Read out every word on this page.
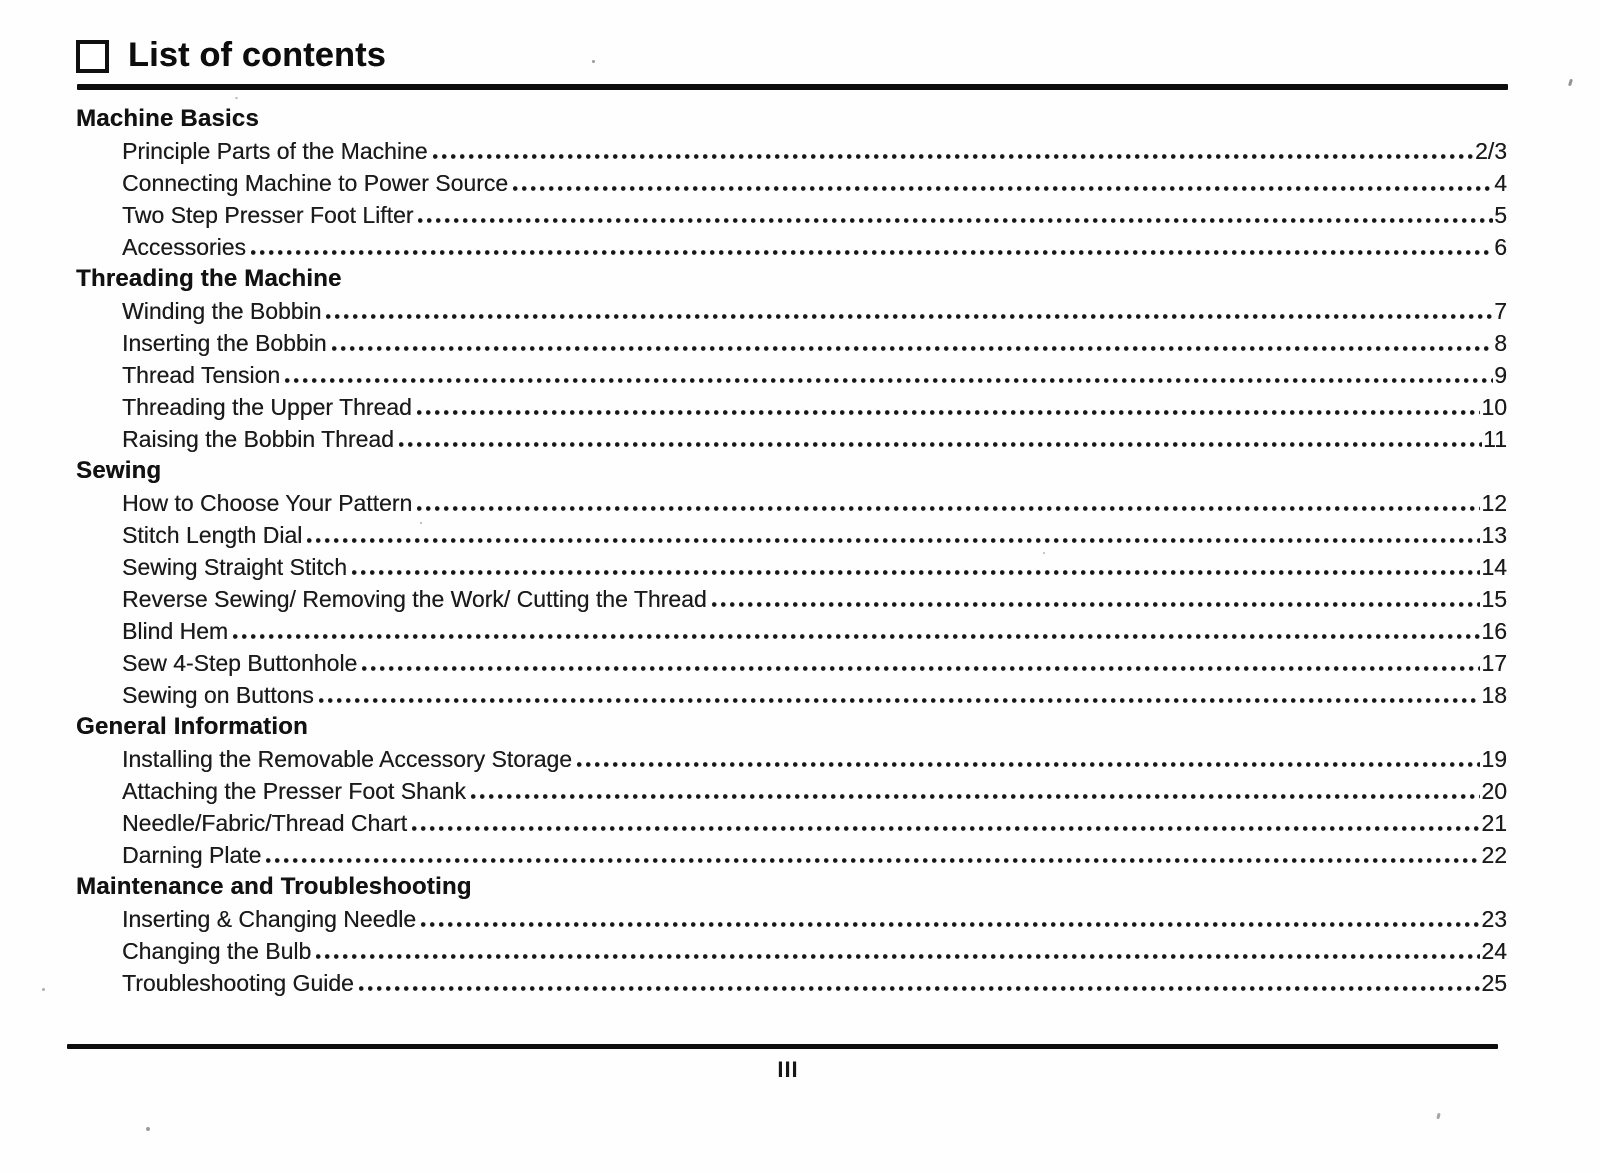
List of contents
Machine Basics
Principle Parts of the Machine	2/3
Connecting Machine to Power Source	4
Two Step Presser Foot Lifter	5
Accessories	6
Threading the Machine
Winding the Bobbin	7
Inserting the Bobbin	8
Thread Tension	9
Threading the Upper Thread	10
Raising the Bobbin Thread	11
Sewing
How to Choose Your Pattern	12
Stitch Length Dial	13
Sewing Straight Stitch	14
Reverse Sewing/ Removing the Work/ Cutting the Thread	15
Blind Hem	16
Sew 4-Step Buttonhole	17
Sewing on Buttons	18
General Information
Installing the Removable Accessory Storage	19
Attaching the Presser Foot Shank	20
Needle/Fabric/Thread Chart	21
Darning Plate	22
Maintenance and Troubleshooting
Inserting & Changing Needle	23
Changing the Bulb	24
Troubleshooting Guide	25
III
